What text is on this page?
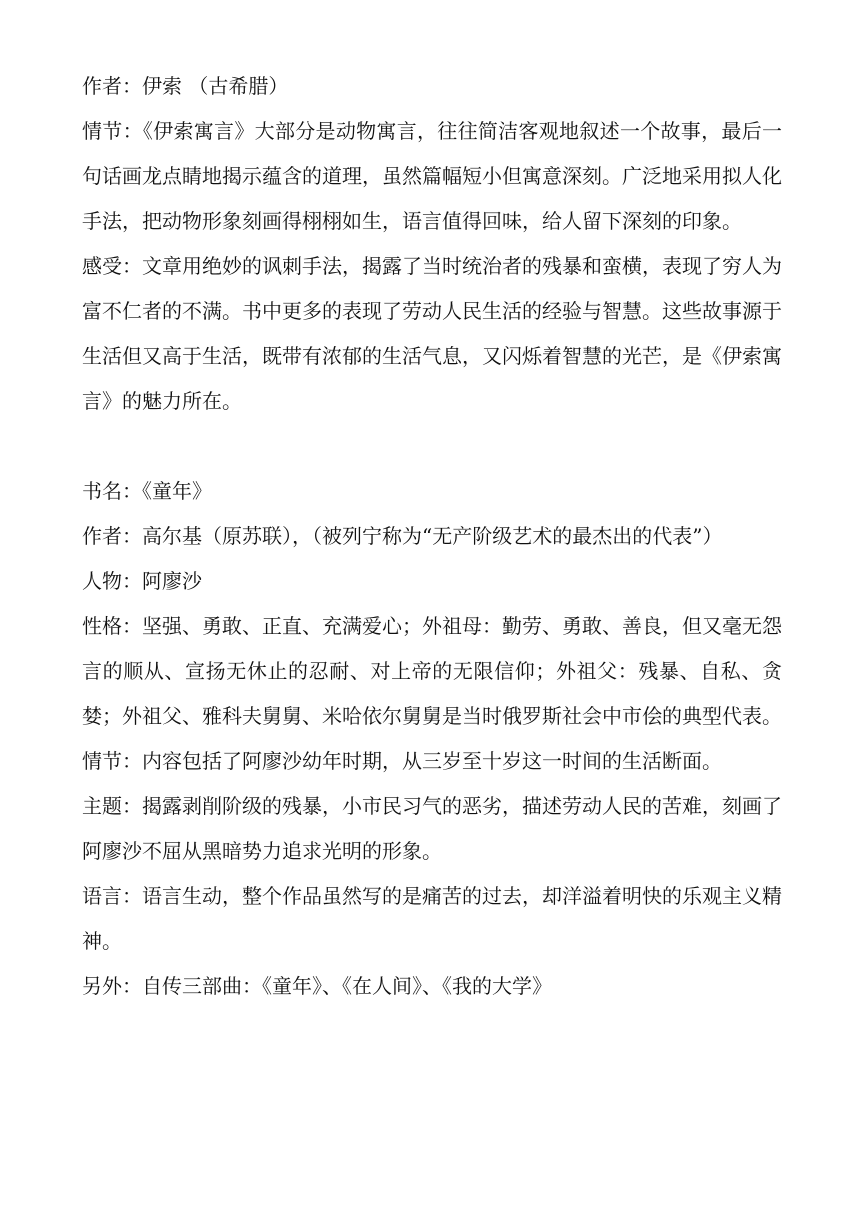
作者：伊索 （古希腊）

情节：《伊索寓言》大部分是动物寓言，往往简洁客观地叙述一个故事，最后一句话画龙点睛地揭示蕴含的道理，虽然篇幅短小但寓意深刻。广泛地采用拟人化手法，把动物形象刻画得栩栩如生，语言值得回味，给人留下深刻的印象。

感受：文章用绝妙的讽刺手法，揭露了当时统治者的残暴和蛮横，表现了穷人为富不仁者的不满。书中更多的表现了劳动人民生活的经验与智慧。这些故事源于生活但又高于生活，既带有浓郁的生活气息，又闪烁着智慧的光芒，是《伊索寓言》的魅力所在。

书名：《童年》

作者：高尔基（原苏联），（被列宁称为“无产阶级艺术的最杰出的代表”）

人物：阿廖沙

性格：坚强、勇敢、正直、充满爱心；外祖母：勤劳、勇敢、善良，但又毫无怨言的顺从、宣扬无休止的忍耐、对上帝的无限信仰；外祖父：残暴、自私、贪婪；外祖父、雅科夫舅舅、米哈依尔舅舅是当时俄罗斯社会中市侩的典型代表。

情节：内容包括了阿廖沙幼年时期，从三岁至十岁这一时间的生活断面。

主题：揭露剥削阶级的残暴，小市民习气的恶劣，描述劳动人民的苦难，刻画了阿廖沙不屈从黑暗势力追求光明的形象。

语言：语言生动，整个作品虽然写的是痛苦的过去，却洋溢着明快的乐观主义精神。

另外：自传三部曲：《童年》、《在人间》、《我的大学》
